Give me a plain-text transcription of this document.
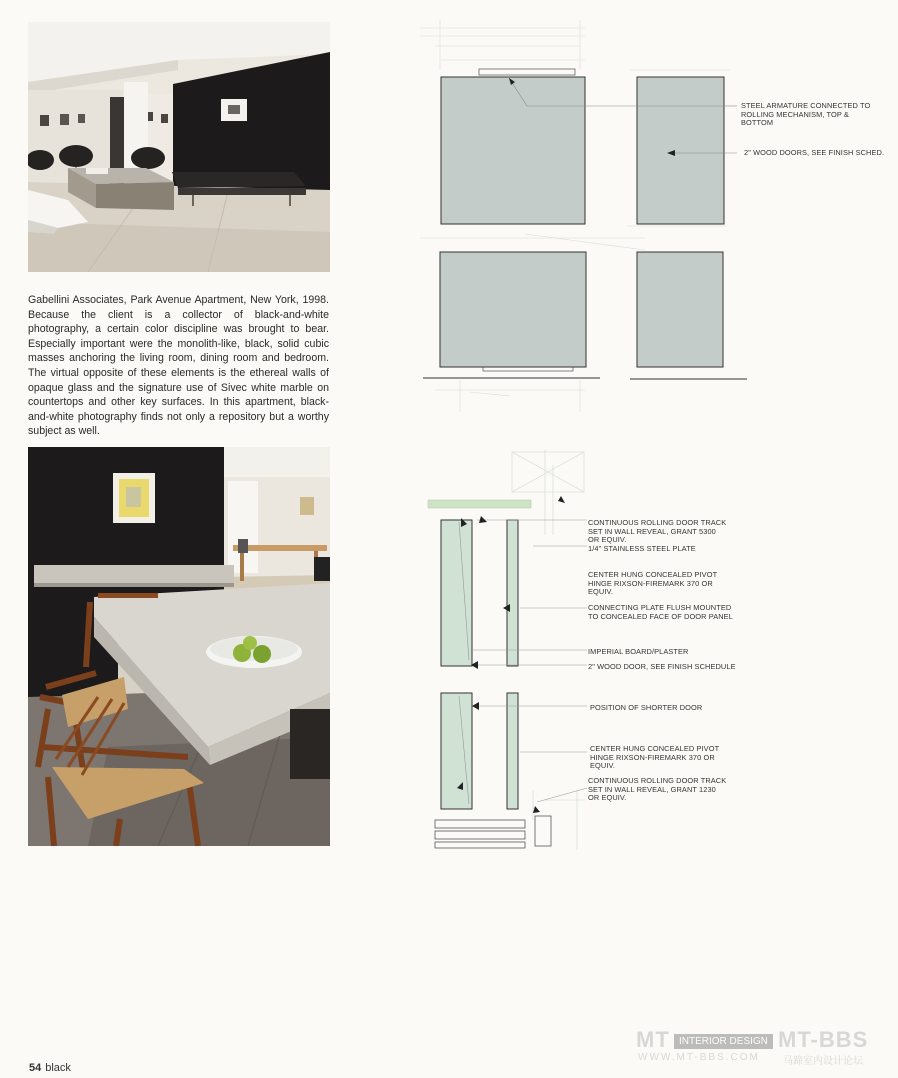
Gabellini Associates, Park Avenue Apartment, New York, 1998. Because the client is a collector of black-and-white photography, a certain color discipline was brought to bear. Especially important were the monolith-like, black, solid cubic masses anchoring the living room, dining room and bedroom. The virtual opposite of these elements is the ethereal walls of opaque glass and the signature use of Sivec white marble on countertops and other key surfaces. In this apartment, black-and-white photography finds not only a repository but a worthy subject as well.
STEEL ARMATURE CONNECTED TO ROLLING MECHANISM, TOP & BOTTOM
2" WOOD DOORS, SEE FINISH SCHED.
CONTINUOUS ROLLING DOOR TRACK SET IN WALL REVEAL, GRANT 5300 OR EQUIV.
1/4" STAINLESS STEEL PLATE
CENTER HUNG CONCEALED PIVOT HINGE RIXSON-FIREMARK 370 OR EQUIV.
CONNECTING PLATE FLUSH MOUNTED TO CONCEALED FACE OF DOOR PANEL
IMPERIAL BOARD/PLASTER
2" WOOD DOOR, SEE FINISH SCHEDULE
POSITION OF SHORTER DOOR
CENTER HUNG CONCEALED PIVOT HINGE RIXSON-FIREMARK 370 OR EQUIV.
CONTINUOUS ROLLING DOOR TRACK SET IN WALL REVEAL, GRANT 1230 OR EQUIV.
54 black
MT INTERIOR DESIGN MT-BBS
WWW.MT-BBS.COM 马蹄室内设计论坛
